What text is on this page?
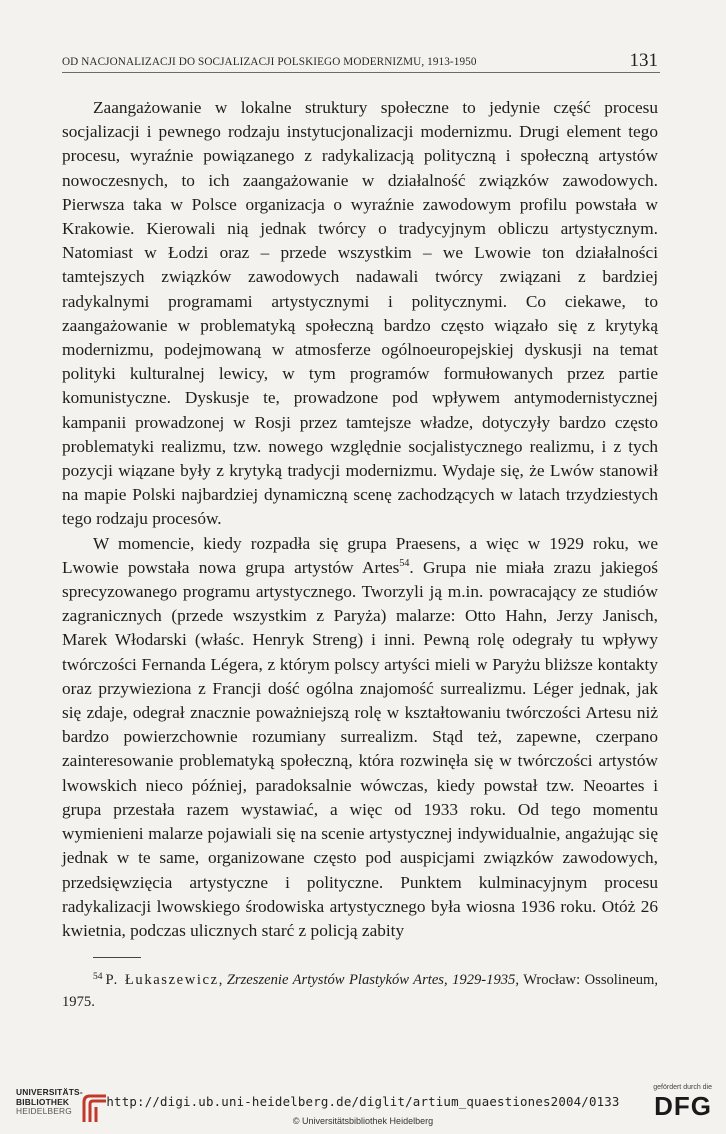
OD NACJONALIZACJI DO SOCJALIZACJI POLSKIEGO MODERNIZMU, 1913-1950	131

Zaangażowanie w lokalne struktury społeczne to jedynie część procesu socjalizacji i pewnego rodzaju instytucjonalizacji modernizmu. Drugi element tego procesu, wyraźnie powiązanego z radykalizacją polityczną i społeczną artystów nowoczesnych, to ich zaangażowanie w działalność związków zawodowych. Pierwsza taka w Polsce organizacja o wyraźnie zawodowym profilu powstała w Krakowie. Kierowali nią jednak twórcy o tradycyjnym obliczu artystycznym. Natomiast w Łodzi oraz – przede wszystkim – we Lwowie ton działalności tamtejszych związków zawodowych nadawali twórcy związani z bardziej radykalnymi programami artystycznymi i politycznymi. Co ciekawe, to zaangażowanie w problematyką społeczną bardzo często wiązało się z krytyką modernizmu, podejmowaną w atmosferze ogólnoeuropejskiej dyskusji na temat polityki kulturalnej lewicy, w tym programów formułowanych przez partie komunistyczne. Dyskusje te, prowadzone pod wpływem antymodernistycznej kampanii prowadzonej w Rosji przez tamtejsze władze, dotyczyły bardzo często problematyki realizmu, tzw. nowego względnie socjalistycznego realizmu, i z tych pozycji wiązane były z krytyką tradycji modernizmu. Wydaje się, że Lwów stanowił na mapie Polski najbardziej dynamiczną scenę zachodzących w latach trzydziestych tego rodzaju procesów.

W momencie, kiedy rozpadła się grupa Praesens, a więc w 1929 roku, we Lwowie powstała nowa grupa artystów Artes$^{54}$. Grupa nie miała zrazu jakiegoś sprecyzowanego programu artystycznego. Tworzyli ją m.in. powracający ze studiów zagranicznych (przede wszystkim z Paryża) malarze: Otto Hahn, Jerzy Janisch, Marek Włodarski (właśc. Henryk Streng) i inni. Pewną rolę odegrały tu wpływy twórczości Fernanda Légera, z którym polscy artyści mieli w Paryżu bliższe kontakty oraz przywieziona z Francji dość ogólna znajomość surrealizmu. Léger jednak, jak się zdaje, odegrał znacznie poważniejszą rolę w kształtowaniu twórczości Artesu niż bardzo powierzchownie rozumiany surrealizm. Stąd też, zapewne, czerpano zainteresowanie problematyką społeczną, która rozwinęła się w twórczości artystów lwowskich nieco później, paradoksalnie wówczas, kiedy powstał tzw. Neoartes i grupa przestała razem wystawiać, a więc od 1933 roku. Od tego momentu wymienieni malarze pojawiali się na scenie artystycznej indywidualnie, angażując się jednak w te same, organizowane często pod auspicjami związków zawodowych, przedsięwzięcia artystyczne i polityczne. Punktem kulminacyjnym procesu radykalizacji lwowskiego środowiska artystycznego była wiosna 1936 roku. Otóż 26 kwietnia, podczas ulicznych starć z policją zabity

$^{54}$ P. Łukaszewicz, Zrzeszenie Artystów Plastyków Artes, 1929-1935, Wrocław: Ossolineum, 1975.
UNIVERSITÄTS-
BIBLIOTHEK
HEIDELBERG
http://digi.ub.uni-heidelberg.de/diglit/artium_quaestiones2004/0133
© Universitätsbibliothek Heidelberg
gefördert durch die
DFG
